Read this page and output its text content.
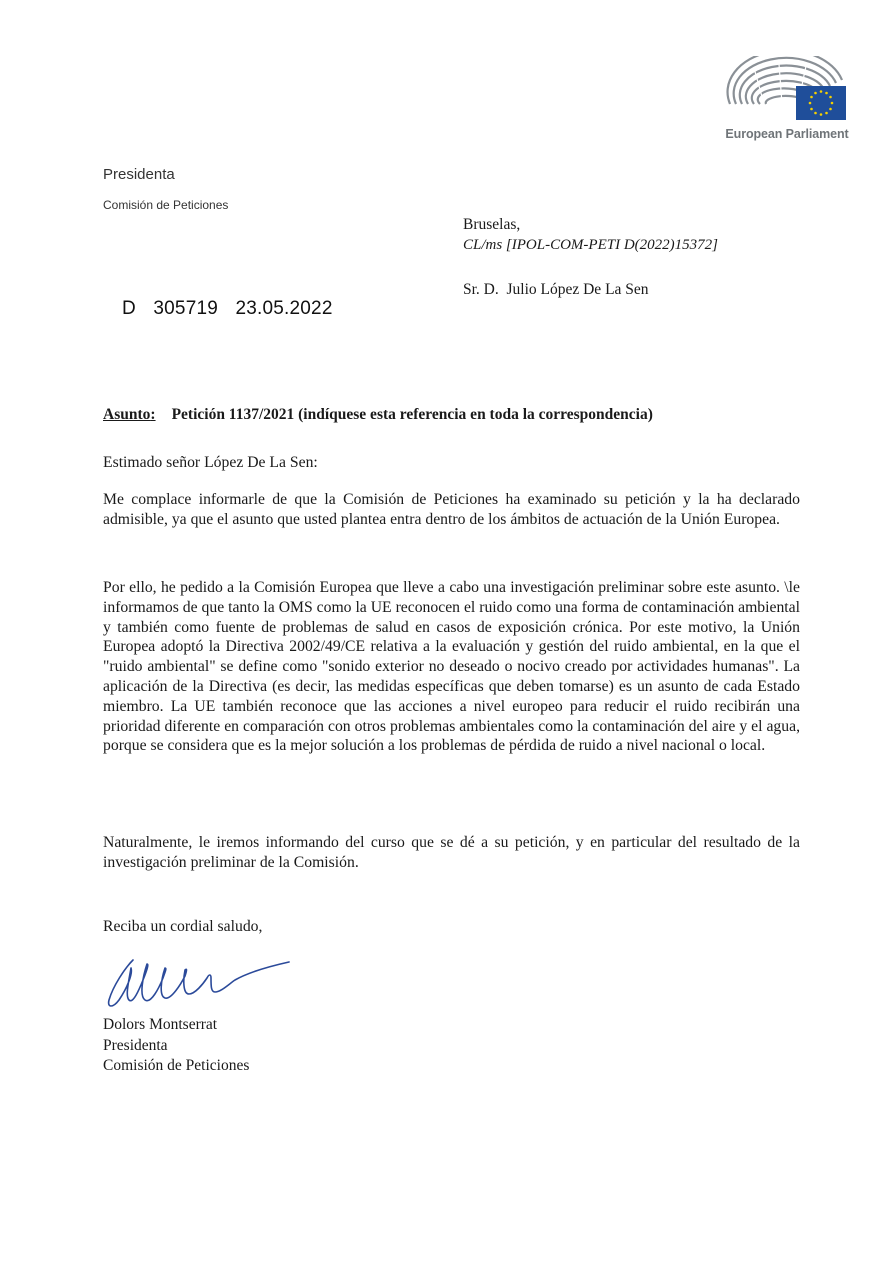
European Parliament
Presidenta
Comisión de Peticiones
Bruselas,
CL/ms [IPOL-COM-PETI D(2022)15372]
Sr. D.  Julio López De La Sen
D 305719 23.05.2022
Asunto: Petición 1137/2021 (indíquese esta referencia en toda la correspondencia)
Estimado señor López De La Sen:
Me complace informarle de que la Comisión de Peticiones ha examinado su petición y la ha declarado admisible, ya que el asunto que usted plantea entra dentro de los ámbitos de actuación de la Unión Europea.
Por ello, he pedido a la Comisión Europea que lleve a cabo una investigación preliminar sobre este asunto. \le informamos de que tanto la OMS como la UE reconocen el ruido como una forma de contaminación ambiental y también como fuente de problemas de salud en casos de exposición crónica. Por este motivo, la Unión Europea adoptó la Directiva 2002/49/CE relativa a la evaluación y gestión del ruido ambiental, en la que el "ruido ambiental" se define como "sonido exterior no deseado o nocivo creado por actividades humanas". La aplicación de la Directiva (es decir, las medidas específicas que deben tomarse) es un asunto de cada Estado miembro. La UE también reconoce que las acciones a nivel europeo para reducir el ruido recibirán una prioridad diferente en comparación con otros problemas ambientales como la contaminación del aire y el agua, porque se considera que es la mejor solución a los problemas de pérdida de ruido a nivel nacional o local.
Naturalmente, le iremos informando del curso que se dé a su petición, y en particular del resultado de la investigación preliminar de la Comisión.
Reciba un cordial saludo,
Dolors Montserrat
Presidenta
Comisión de Peticiones
